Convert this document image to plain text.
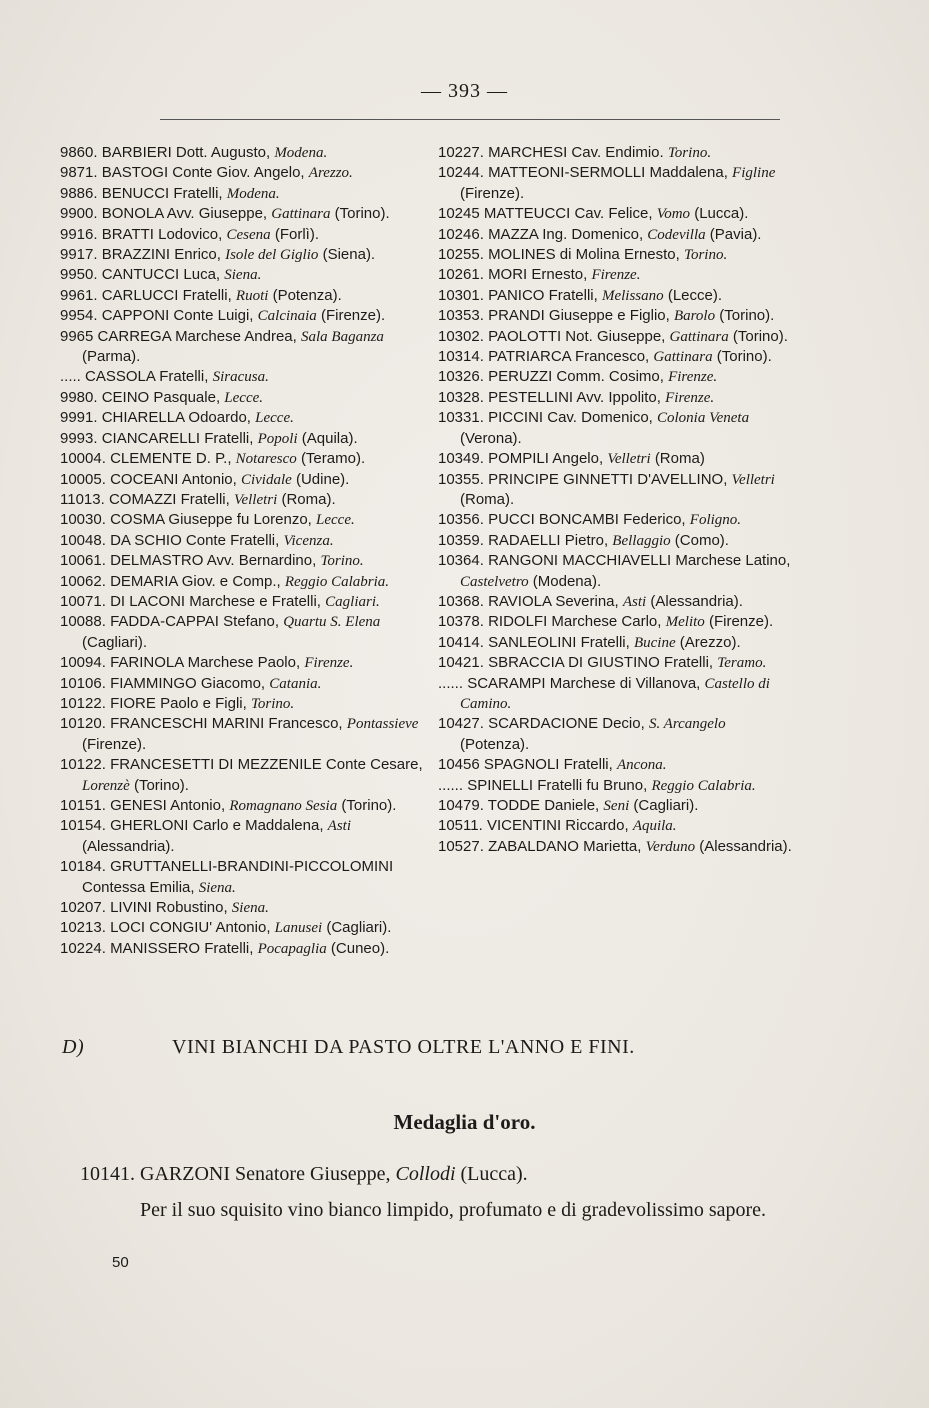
— 393 —

9860. BARBIERI Dott. Augusto, Modena.

9871. BASTOGI Conte Giov. Angelo, Arezzo.

9886. BENUCCI Fratelli, Modena.

9900. BONOLA Avv. Giuseppe, Gattinara (Torino).

9916. BRATTI Lodovico, Cesena (Forlì).

9917. BRAZZINI Enrico, Isole del Giglio (Siena).

9950. CANTUCCI Luca, Siena.

9961. CARLUCCI Fratelli, Ruoti (Potenza).

9954. CAPPONI Conte Luigi, Calcinaia (Firenze).

9965 CARREGA Marchese Andrea, Sala Baganza (Parma).

..... CASSOLA Fratelli, Siracusa.

9980. CEINO Pasquale, Lecce.

9991. CHIARELLA Odoardo, Lecce.

9993. CIANCARELLI Fratelli, Popoli (Aquila).

10004. CLEMENTE D. P., Notaresco (Teramo).

10005. COCEANI Antonio, Cividale (Udine).

11013. COMAZZI Fratelli, Velletri (Roma).

10030. COSMA Giuseppe fu Lorenzo, Lecce.

10048. DA SCHIO Conte Fratelli, Vicenza.

10061. DELMASTRO Avv. Bernardino, Torino.

10062. DEMARIA Giov. e Comp., Reggio Calabria.

10071. DI LACONI Marchese e Fratelli, Cagliari.

10088. FADDA-CAPPAI Stefano, Quartu S. Elena (Cagliari).

10094. FARINOLA Marchese Paolo, Firenze.

10106. FIAMMINGO Giacomo, Catania.

10122. FIORE Paolo e Figli, Torino.

10120. FRANCESCHI MARINI Francesco, Pontassieve (Firenze).

10122. FRANCESETTI DI MEZZENILE Conte Cesare, Lorenzè (Torino).

10151. GENESI Antonio, Romagnano Sesia (Torino).

10154. GHERLONI Carlo e Maddalena, Asti (Alessandria).

10184. GRUTTANELLI-BRANDINI-PICCOLOMINI Contessa Emilia, Siena.

10207. LIVINI Robustino, Siena.

10213. LOCI CONGIU' Antonio, Lanusei (Cagliari).

10224. MANISSERO Fratelli, Pocapaglia (Cuneo).

10227. MARCHESI Cav. Endimio. Torino.

10244. MATTEONI-SERMOLLI Maddalena, Figline (Firenze).

10245 MATTEUCCI Cav. Felice, Vomo (Lucca).

10246. MAZZA Ing. Domenico, Codevilla (Pavia).

10255. MOLINES di Molina Ernesto, Torino.

10261. MORI Ernesto, Firenze.

10301. PANICO Fratelli, Melissano (Lecce).

10353. PRANDI Giuseppe e Figlio, Barolo (Torino).

10302. PAOLOTTI Not. Giuseppe, Gattinara (Torino).

10314. PATRIARCA Francesco, Gattinara (Torino).

10326. PERUZZI Comm. Cosimo, Firenze.

10328. PESTELLINI Avv. Ippolito, Firenze.

10331. PICCINI Cav. Domenico, Colonia Veneta (Verona).

10349. POMPILI Angelo, Velletri (Roma)

10355. PRINCIPE GINNETTI D'AVELLINO, Velletri (Roma).

10356. PUCCI BONCAMBI Federico, Foligno.

10359. RADAELLI Pietro, Bellaggio (Como).

10364. RANGONI MACCHIAVELLI Marchese Latino, Castelvetro (Modena).

10368. RAVIOLA Severina, Asti (Alessandria).

10378. RIDOLFI Marchese Carlo, Melito (Firenze).

10414. SANLEOLINI Fratelli, Bucine (Arezzo).

10421. SBRACCIA DI GIUSTINO Fratelli, Teramo.

...... SCARAMPI Marchese di Villanova, Castello di Camino.

10427. SCARDACIONE Decio, S. Arcangelo (Potenza).

10456 SPAGNOLI Fratelli, Ancona.

...... SPINELLI Fratelli fu Bruno, Reggio Calabria.

10479. TODDE Daniele, Seni (Cagliari).

10511. VICENTINI Riccardo, Aquila.

10527. ZABALDANO Marietta, Verduno (Alessandria).

D)	VINI BIANCHI DA PASTO OLTRE L'ANNO E FINI.
Medaglia d'oro.

10141. GARZONI Senatore Giuseppe, Collodi (Lucca).

Per il suo squisito vino bianco limpido, profumato e di gradevolissimo sapore.

50
